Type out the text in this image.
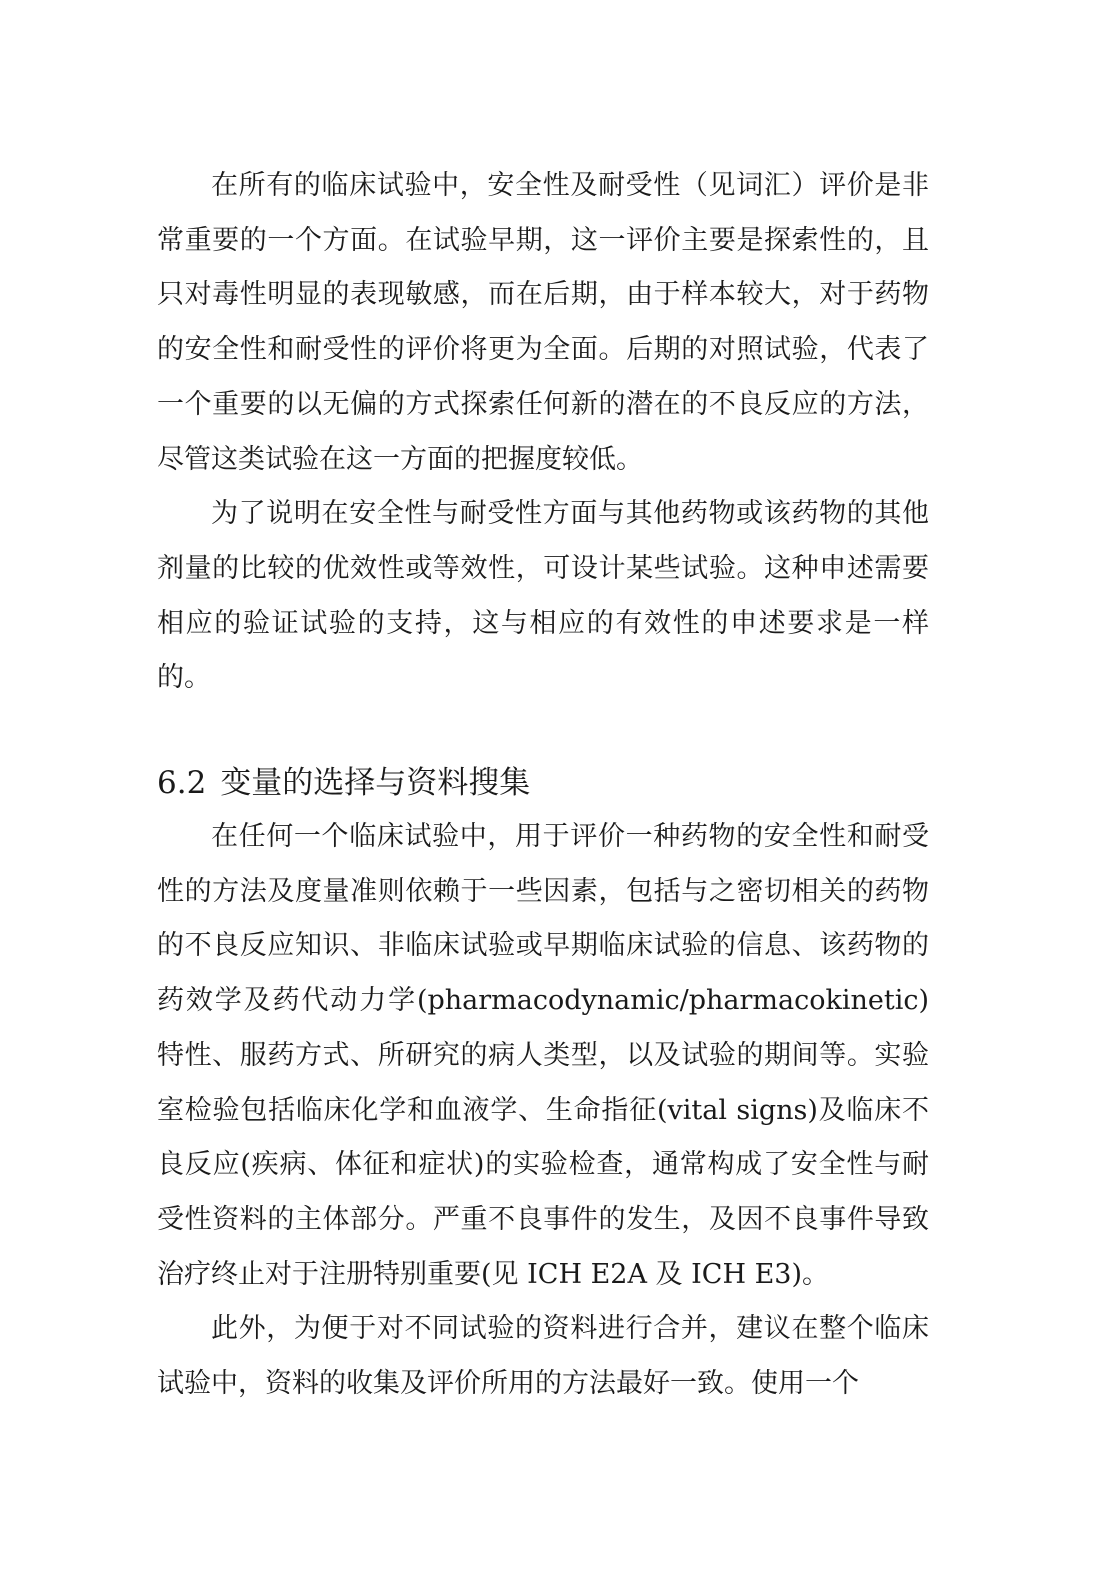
在所有的临床试验中，安全性及耐受性（见词汇）评价是非常重要的一个方面。在试验早期，这一评价主要是探索性的，且只对毒性明显的表现敏感，而在后期，由于样本较大，对于药物的安全性和耐受性的评价将更为全面。后期的对照试验，代表了一个重要的以无偏的方式探索任何新的潜在的不良反应的方法，尽管这类试验在这一方面的把握度较低。

为了说明在安全性与耐受性方面与其他药物或该药物的其他剂量的比较的优效性或等效性，可设计某些试验。这种申述需要相应的验证试验的支持，这与相应的有效性的申述要求是一样的。

6.2 变量的选择与资料搜集

在任何一个临床试验中，用于评价一种药物的安全性和耐受性的方法及度量准则依赖于一些因素，包括与之密切相关的药物的不良反应知识、非临床试验或早期临床试验的信息、该药物的药效学及药代动力学(pharmacodynamic/pharmacokinetic)特性、服药方式、所研究的病人类型，以及试验的期间等。实验室检验包括临床化学和血液学、生命指征(vital signs)及临床不良反应(疾病、体征和症状)的实验检查，通常构成了安全性与耐受性资料的主体部分。严重不良事件的发生，及因不良事件导致治疗终止对于注册特别重要(见 ICH E2A 及 ICH E3)。

此外，为便于对不同试验的资料进行合并，建议在整个临床试验中，资料的收集及评价所用的方法最好一致。使用一个
